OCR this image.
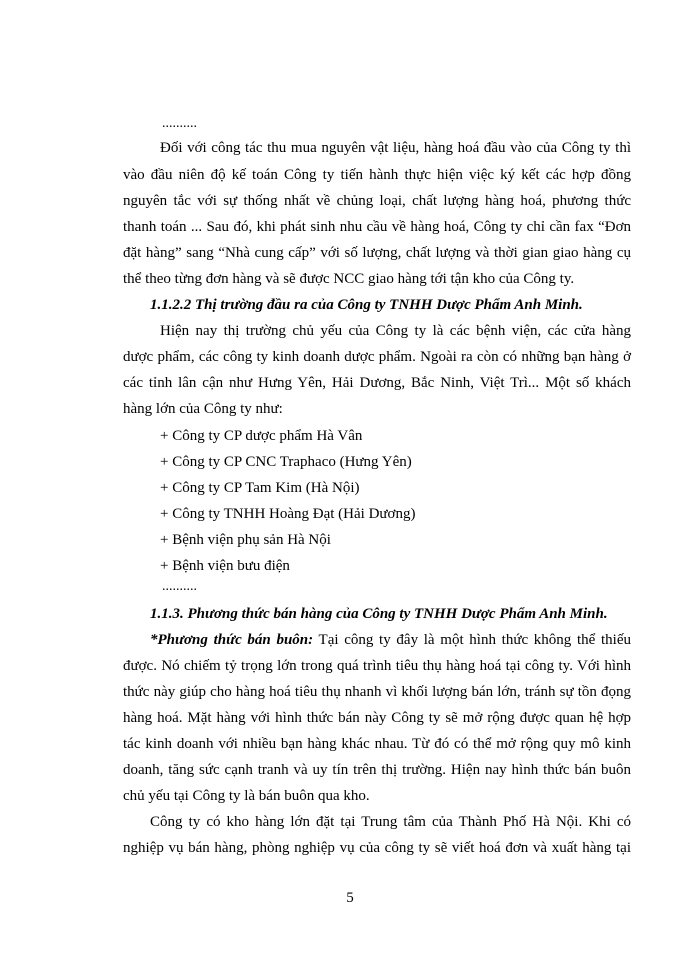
..........
Đối với công tác thu mua nguyên vật liệu, hàng hoá đầu vào của Công ty thì
vào đầu niên độ kế toán Công ty tiến hành thực hiện việc ký kết các hợp đồng
nguyên tắc với sự thống nhất về chủng loại, chất lượng hàng hoá, phương thức
thanh toán ... Sau đó, khi phát sinh nhu cầu về hàng hoá, Công ty chỉ cần fax “Đơn
đặt hàng” sang “Nhà cung cấp” với số lượng, chất lượng và thời gian giao hàng cụ
thể theo từng đơn hàng và sẽ được NCC giao hàng tới tận kho của Công ty.
1.1.2.2 Thị trường đầu ra của Công ty TNHH Dược Phẩm Anh Minh.
Hiện nay thị trường chủ yếu của Công ty là các bệnh viện, các cửa hàng
dược phẩm, các công ty kinh doanh dược phẩm. Ngoài ra còn có những bạn hàng ở
các tỉnh lân cận như Hưng Yên, Hải Dương, Bắc Ninh, Việt Trì... Một số khách
hàng lớn của Công ty như:
+ Công ty CP dược phẩm Hà Vân
+ Công ty CP CNC Traphaco (Hưng Yên)
+ Công ty CP Tam Kim (Hà Nội)
+ Công ty TNHH Hoàng Đạt (Hải Dương)
+ Bệnh viện phụ sản Hà Nội
+ Bệnh viện bưu điện
..........
1.1.3. Phương thức bán hàng của Công ty TNHH Dược Phẩm Anh Minh.
*Phương thức bán buôn: Tại công ty đây là một hình thức không thể thiếu
được. Nó chiếm tỷ trọng lớn trong quá trình tiêu thụ hàng hoá tại công ty. Với hình
thức này giúp cho hàng hoá tiêu thụ nhanh vì khối lượng bán lớn, tránh sự tồn đọng
hàng hoá. Mặt hàng với hình thức bán này Công ty sẽ mở rộng được quan hệ hợp
tác kinh doanh với nhiều bạn hàng khác nhau. Từ đó có thể mở rộng quy mô kinh
doanh, tăng sức cạnh tranh và uy tín trên thị trường. Hiện nay hình thức bán buôn
chủ yếu tại Công ty là bán buôn qua kho.
Công ty có kho hàng lớn đặt tại Trung tâm của Thành Phố Hà Nội. Khi có
nghiệp vụ bán hàng, phòng nghiệp vụ của công ty sẽ viết hoá đơn và xuất hàng tại
5
